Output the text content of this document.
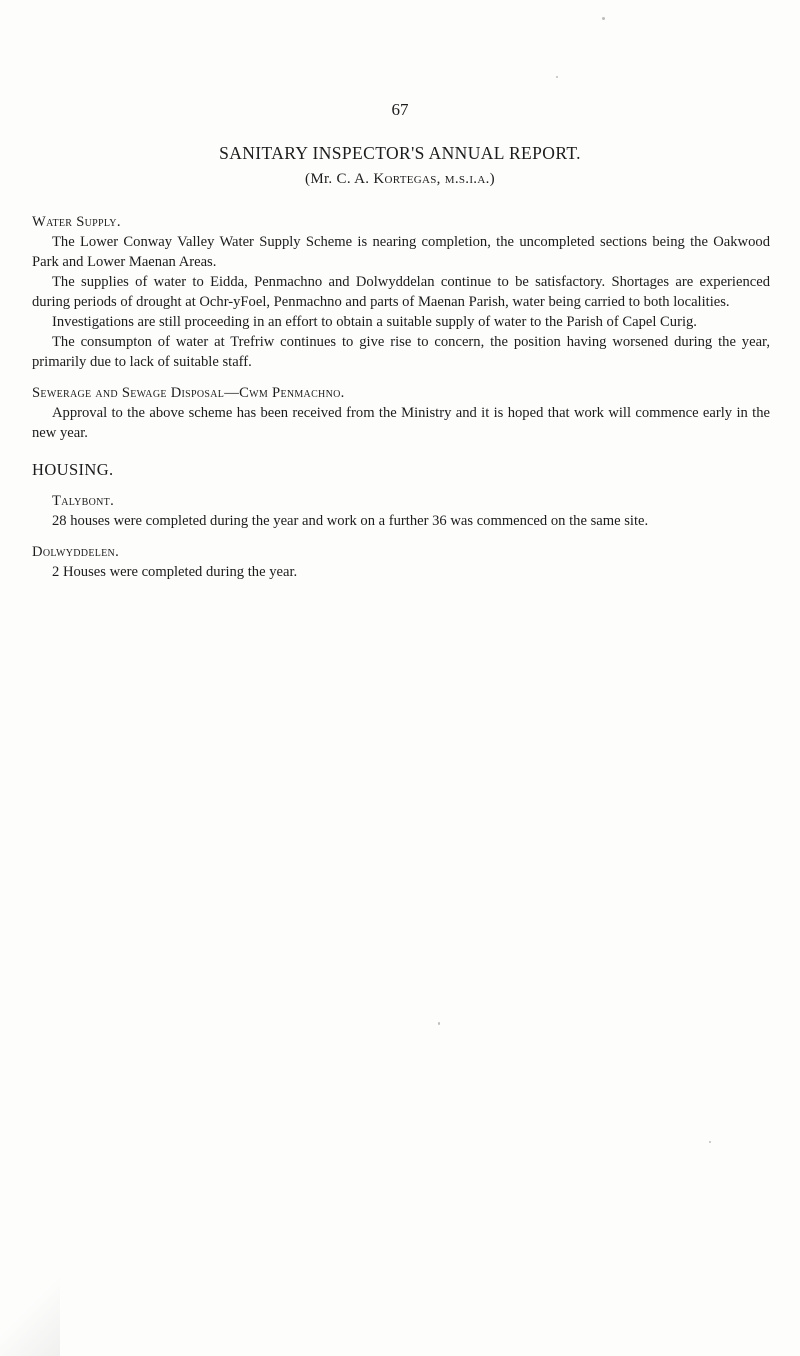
67
SANITARY INSPECTOR'S ANNUAL REPORT.
(Mr. C. A. Kortegas, m.s.i.a.)
Water Supply.

The Lower Conway Valley Water Supply Scheme is nearing completion, the uncompleted sections being the Oakwood Park and Lower Maenan Areas.

The supplies of water to Eidda, Penmachno and Dolwyddelan continue to be satisfactory. Shortages are experienced during periods of drought at Ochr-yFoel, Penmachno and parts of Maenan Parish, water being carried to both localities.

Investigations are still proceeding in an effort to obtain a suitable supply of water to the Parish of Capel Curig.

The consumpton of water at Trefriw continues to give rise to concern, the position having worsened during the year, primarily due to lack of suitable staff.

Sewerage and Sewage Disposal—Cwm Penmachno.

Approval to the above scheme has been received from the Ministry and it is hoped that work will commence early in the new year.

HOUSING.
Talybont.

28 houses were completed during the year and work on a further 36 was commenced on the same site.

Dolwyddelen.

2 Houses were completed during the year.
